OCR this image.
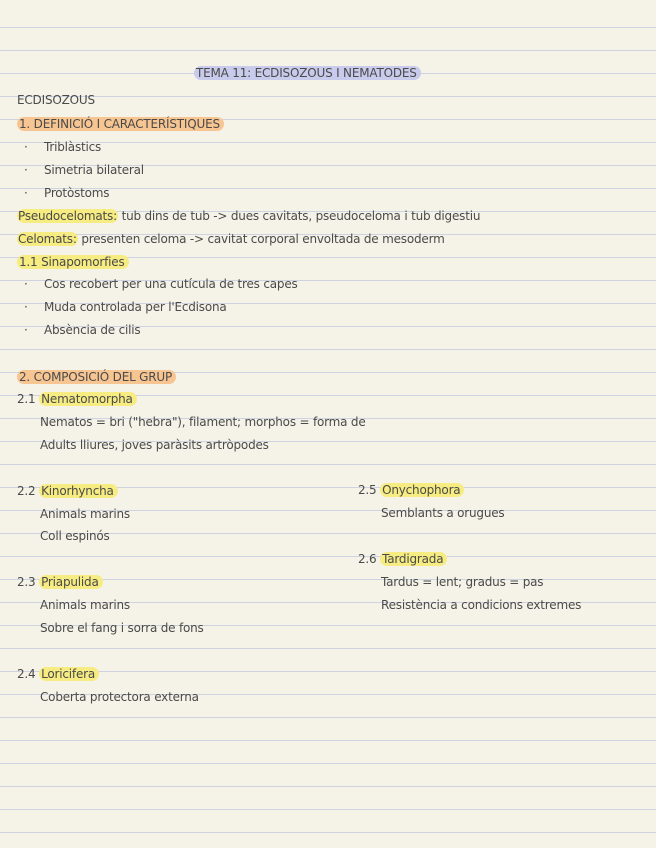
TEMA 11: ECDISOZOUS I NEMATODES
ECDISOZOUS
1. DEFINICIÓ I CARACTERÍSTIQUES
· Triblàstics
· Simetria bilateral
· Protòstoms
Pseudocelomats: tub dins de tub -> dues cavitats, pseudoceloma i tub digestiu
Celomats: presenten celoma -> cavitat corporal envoltada de mesoderm
1.1 Sinapomorfies
· Cos recobert per una cutícula de tres capes
· Muda controlada per l'Ecdisona
· Absència de cilis
2. COMPOSICIÓ DEL GRUP
2.1 Nematomorpha
Nematos = bri ("hebra"), filament; morphos = forma de
Adults lliures, joves paràsits artròpodes
2.2 Kinorhyncha
Animals marins
Coll espinós
2.3 Priapulida
Animals marins
Sobre el fang i sorra de fons
2.4 Loricifera
Coberta protectora externa
2.5 Onychophora
Semblants a orugues
2.6 Tardigrada
Tardus = lent; gradus = pas
Resistència a condicions extremes
